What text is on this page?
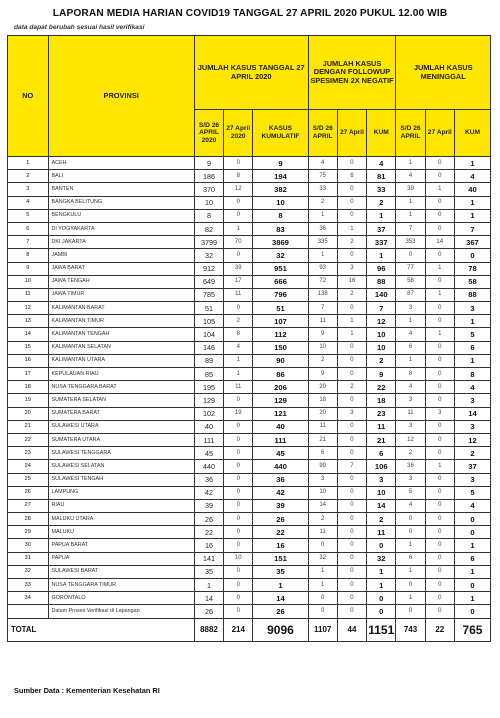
LAPORAN MEDIA HARIAN COVID19 TANGGAL 27 APRIL 2020 PUKUL 12.00 WIB
data dapat berubah sesuai hasil verifikasi
NO	PROVINSI	JUMLAH KASUS TANGGAL 27 APRIL 2020			JUMLAH KASUS DENGAN FOLLOWUP SPESIMEN 2X NEGATIF			JUMLAH KASUS MENINGGAL		
		S/D 26 APRIL 2020	27 April 2020	KASUS KUMULATIF	S/D 26 APRIL	27 April	KUM	S/D 26 APRIL	27 April	KUM
1	ACEH	9	0	9	4	0	4	1	0	1
2	BALI	186	8	194	75	6	81	4	0	4
3	BANTEN	370	12	382	33	0	33	39	1	40
4	BANGKA BELITUNG	10	0	10	2	0	2	1	0	1
5	BENGKULU	8	0	8	1	0	1	1	0	1
6	DI YOGYAKARTA	82	1	83	36	1	37	7	0	7
7	DKI JAKARTA	3799	70	3869	335	2	337	353	14	367
8	JAMBI	32	0	32	1	0	1	0	0	0
9	JAWA BARAT	912	39	951	93	3	96	77	1	78
10	JAWA TENGAH	649	17	666	72	16	88	58	0	58
11	JAWA TIMUR	785	11	796	138	2	140	87	1	88
12	KALIMANTAN BARAT	51	0	51	7	0	7	3	0	3
13	KALIMANTAN TIMUR	105	2	107	11	1	12	1	0	1
14	KALIMANTAN TENGAH	104	8	112	9	1	10	4	1	5
15	KALIMANTAN SELATAN	146	4	150	10	0	10	6	0	6
16	KALIMANTAN UTARA	89	1	90	2	0	2	1	0	1
17	KEPULAUAN RIAU	85	1	86	9	0	9	8	0	8
18	NUSA TENGGARA BARAT	195	11	206	20	2	22	4	0	4
19	SUMATERA SELATAN	129	0	129	18	0	18	3	0	3
20	SUMATERA BARAT	102	19	121	20	3	23	11	3	14
21	SULAWESI UTARA	40	0	40	11	0	11	3	0	3
22	SUMATERA UTARA	111	0	111	21	0	21	12	0	12
23	SULAWESI TENGGARA	45	0	45	6	0	6	2	0	2
24	SULAWESI SELATAN	440	0	440	99	7	106	36	1	37
25	SULAWESI TENGAH	36	0	36	3	0	3	3	0	3
26	LAMPUNG	42	0	42	10	0	10	5	0	5
27	RIAU	39	0	39	14	0	14	4	0	4
28	MALUKU UTARA	26	0	26	2	0	2	0	0	0
29	MALUKU	22	0	22	11	0	11	0	0	0
30	PAPUA BARAT	16	0	16	0	0	0	1	0	1
31	PAPUA	141	10	151	32	0	32	6	0	6
32	SULAWESI BARAT	35	0	35	1	0	1	1	0	1
33	NUSA TENGGARA TIMUR	1	0	1	1	0	1	0	0	0
34	GORONTALO	14	0	14	0	0	0	1	0	1
	Dalam Proses Verifikasi di Lapangan	26	0	26	0	0	0	0	0	0
TOTAL		8882	214	9096	1107	44	1151	743	22	765
Sumber Data : Kementerian Kesehatan RI
